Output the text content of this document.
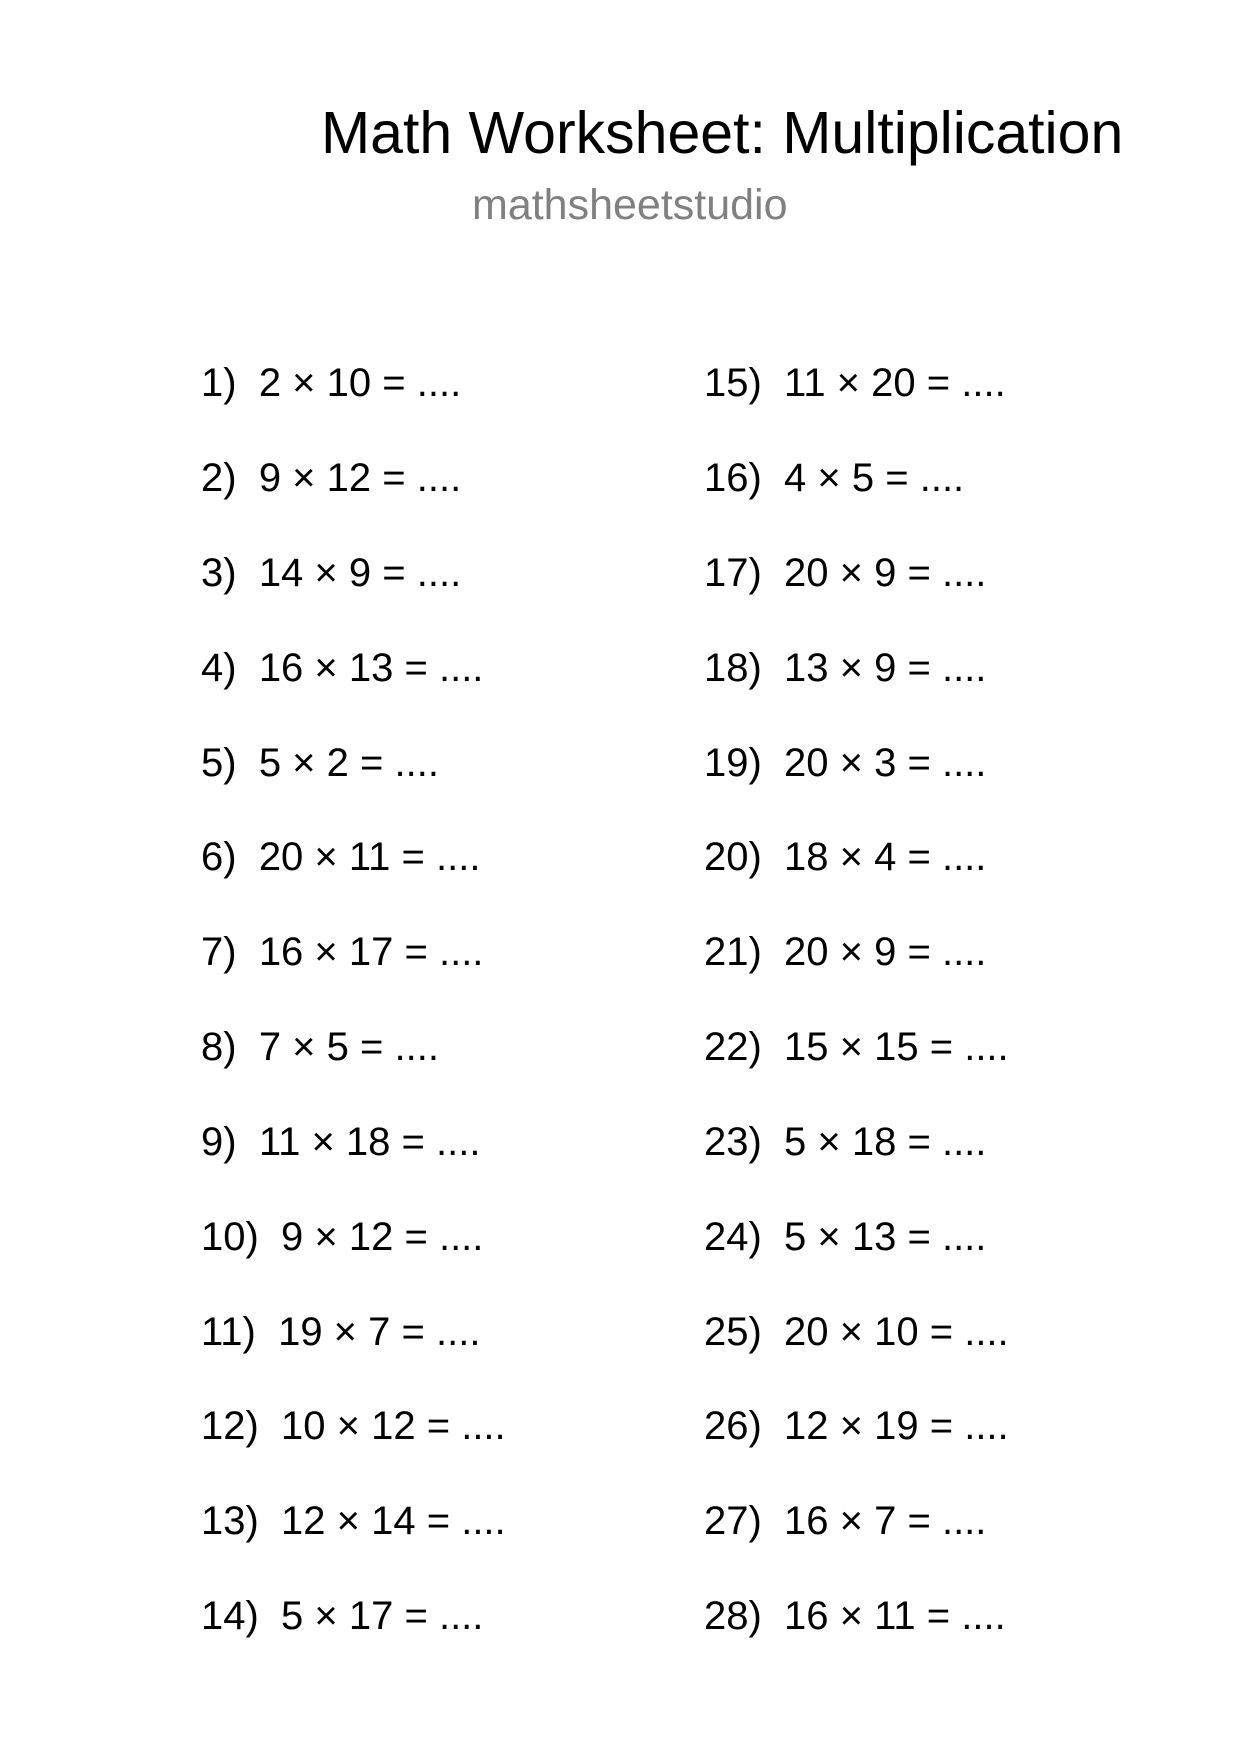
Math Worksheet: Multiplication
mathsheetstudio
1) 2 × 10 = ....
2) 9 × 12 = ....
3) 14 × 9 = ....
4) 16 × 13 = ....
5) 5 × 2 = ....
6) 20 × 11 = ....
7) 16 × 17 = ....
8) 7 × 5 = ....
9) 11 × 18 = ....
10) 9 × 12 = ....
11) 19 × 7 = ....
12) 10 × 12 = ....
13) 12 × 14 = ....
14) 5 × 17 = ....
15) 11 × 20 = ....
16) 4 × 5 = ....
17) 20 × 9 = ....
18) 13 × 9 = ....
19) 20 × 3 = ....
20) 18 × 4 = ....
21) 20 × 9 = ....
22) 15 × 15 = ....
23) 5 × 18 = ....
24) 5 × 13 = ....
25) 20 × 10 = ....
26) 12 × 19 = ....
27) 16 × 7 = ....
28) 16 × 11 = ....
